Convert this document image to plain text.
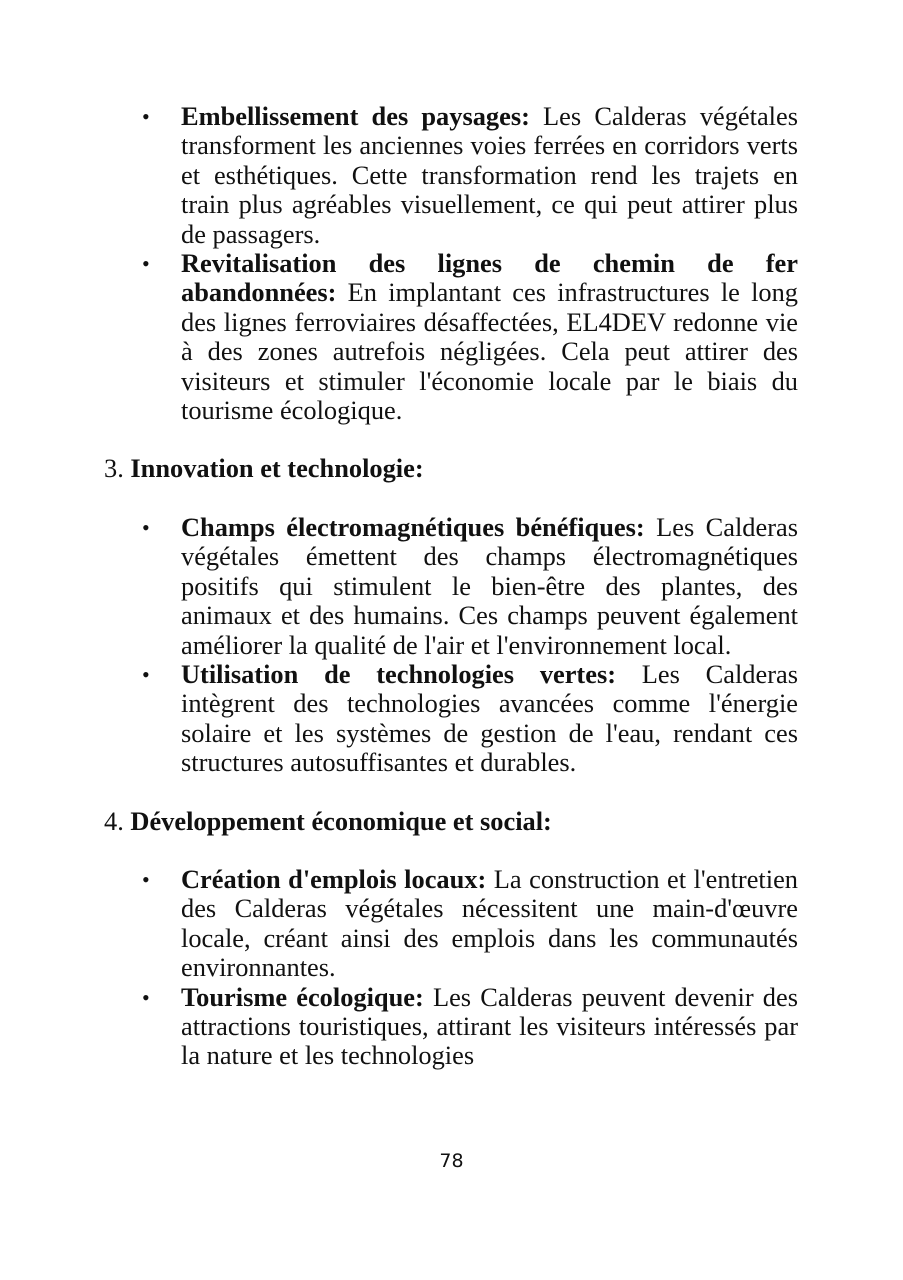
• Embellissement des paysages: Les Calderas végétales transforment les anciennes voies ferrées en corridors verts et esthétiques. Cette transformation rend les trajets en train plus agréables visuellement, ce qui peut attirer plus de passagers.
• Revitalisation des lignes de chemin de fer abandonnées: En implantant ces infrastructures le long des lignes ferroviaires désaffectées, EL4DEV redonne vie à des zones autrefois négligées. Cela peut attirer des visiteurs et stimuler l'économie locale par le biais du tourisme écologique.
3. Innovation et technologie:
• Champs électromagnétiques bénéfiques: Les Calderas végétales émettent des champs électromagnétiques positifs qui stimulent le bien-être des plantes, des animaux et des humains. Ces champs peuvent également améliorer la qualité de l'air et l'environnement local.
• Utilisation de technologies vertes: Les Calderas intègrent des technologies avancées comme l'énergie solaire et les systèmes de gestion de l'eau, rendant ces structures autosuffisantes et durables.
4. Développement économique et social:
• Création d'emplois locaux: La construction et l'entretien des Calderas végétales nécessitent une main-d'œuvre locale, créant ainsi des emplois dans les communautés environnantes.
• Tourisme écologique: Les Calderas peuvent devenir des attractions touristiques, attirant les visiteurs intéressés par la nature et les technologies
78
